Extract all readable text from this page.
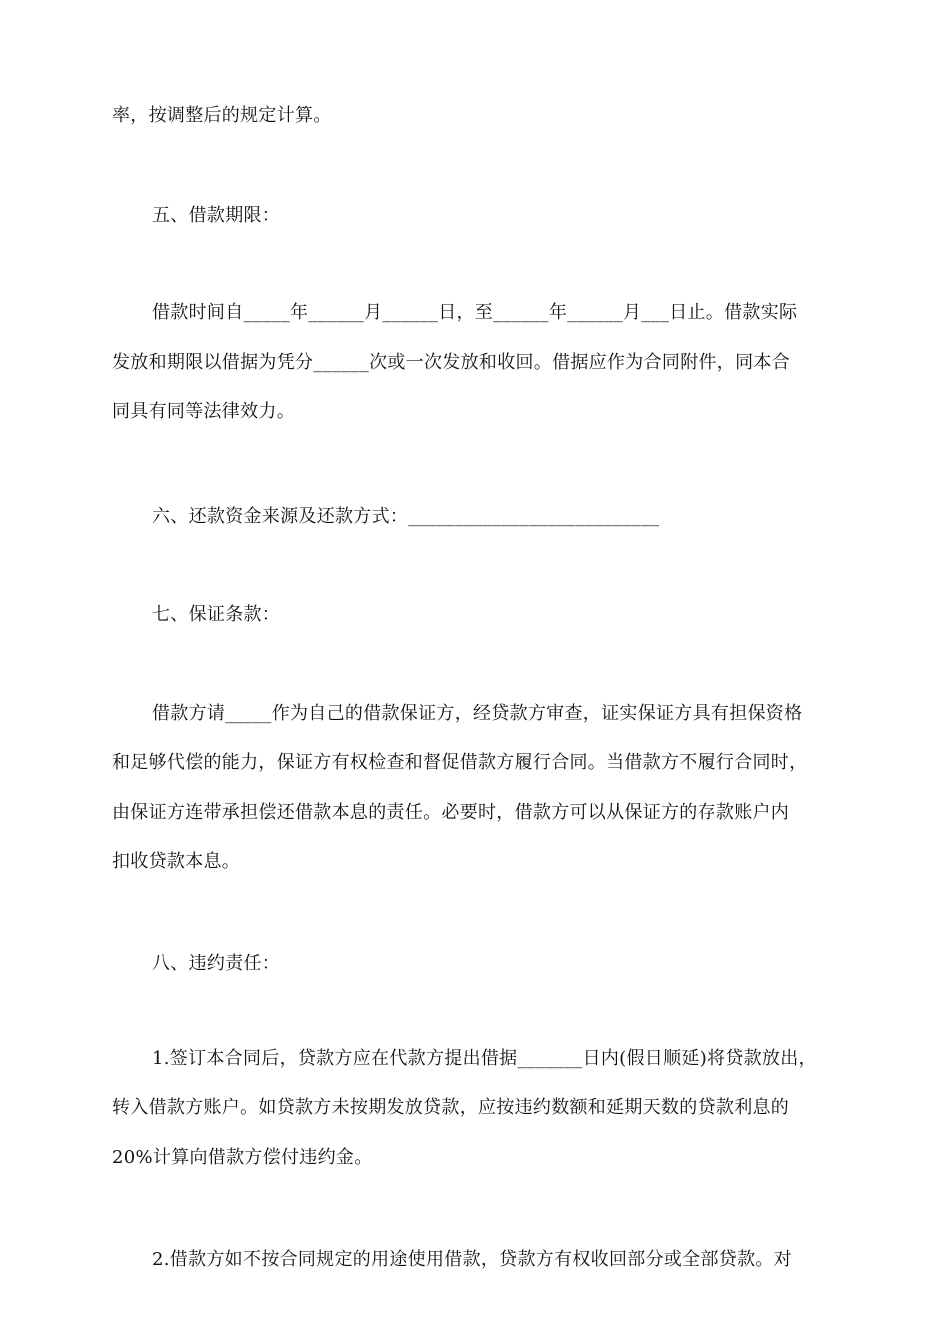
率，按调整后的规定计算。
五、借款期限：
借款时间自_____年______月______日，至______年______月___日止。借款实际
发放和期限以借据为凭分______次或一次发放和收回。借据应作为合同附件，同本合
同具有同等法律效力。
六、还款资金来源及还款方式：___________________________
七、保证条款：
借款方请_____作为自己的借款保证方，经贷款方审查，证实保证方具有担保资格
和足够代偿的能力，保证方有权检查和督促借款方履行合同。当借款方不履行合同时，
由保证方连带承担偿还借款本息的责任。必要时，借款方可以从保证方的存款账户内
扣收贷款本息。
八、违约责任：
1.签订本合同后，贷款方应在代款方提出借据_______日内(假日顺延)将贷款放出，
转入借款方账户。如贷款方未按期发放贷款，应按违约数额和延期天数的贷款利息的
20%计算向借款方偿付违约金。
2.借款方如不按合同规定的用途使用借款，贷款方有权收回部分或全部贷款。对
